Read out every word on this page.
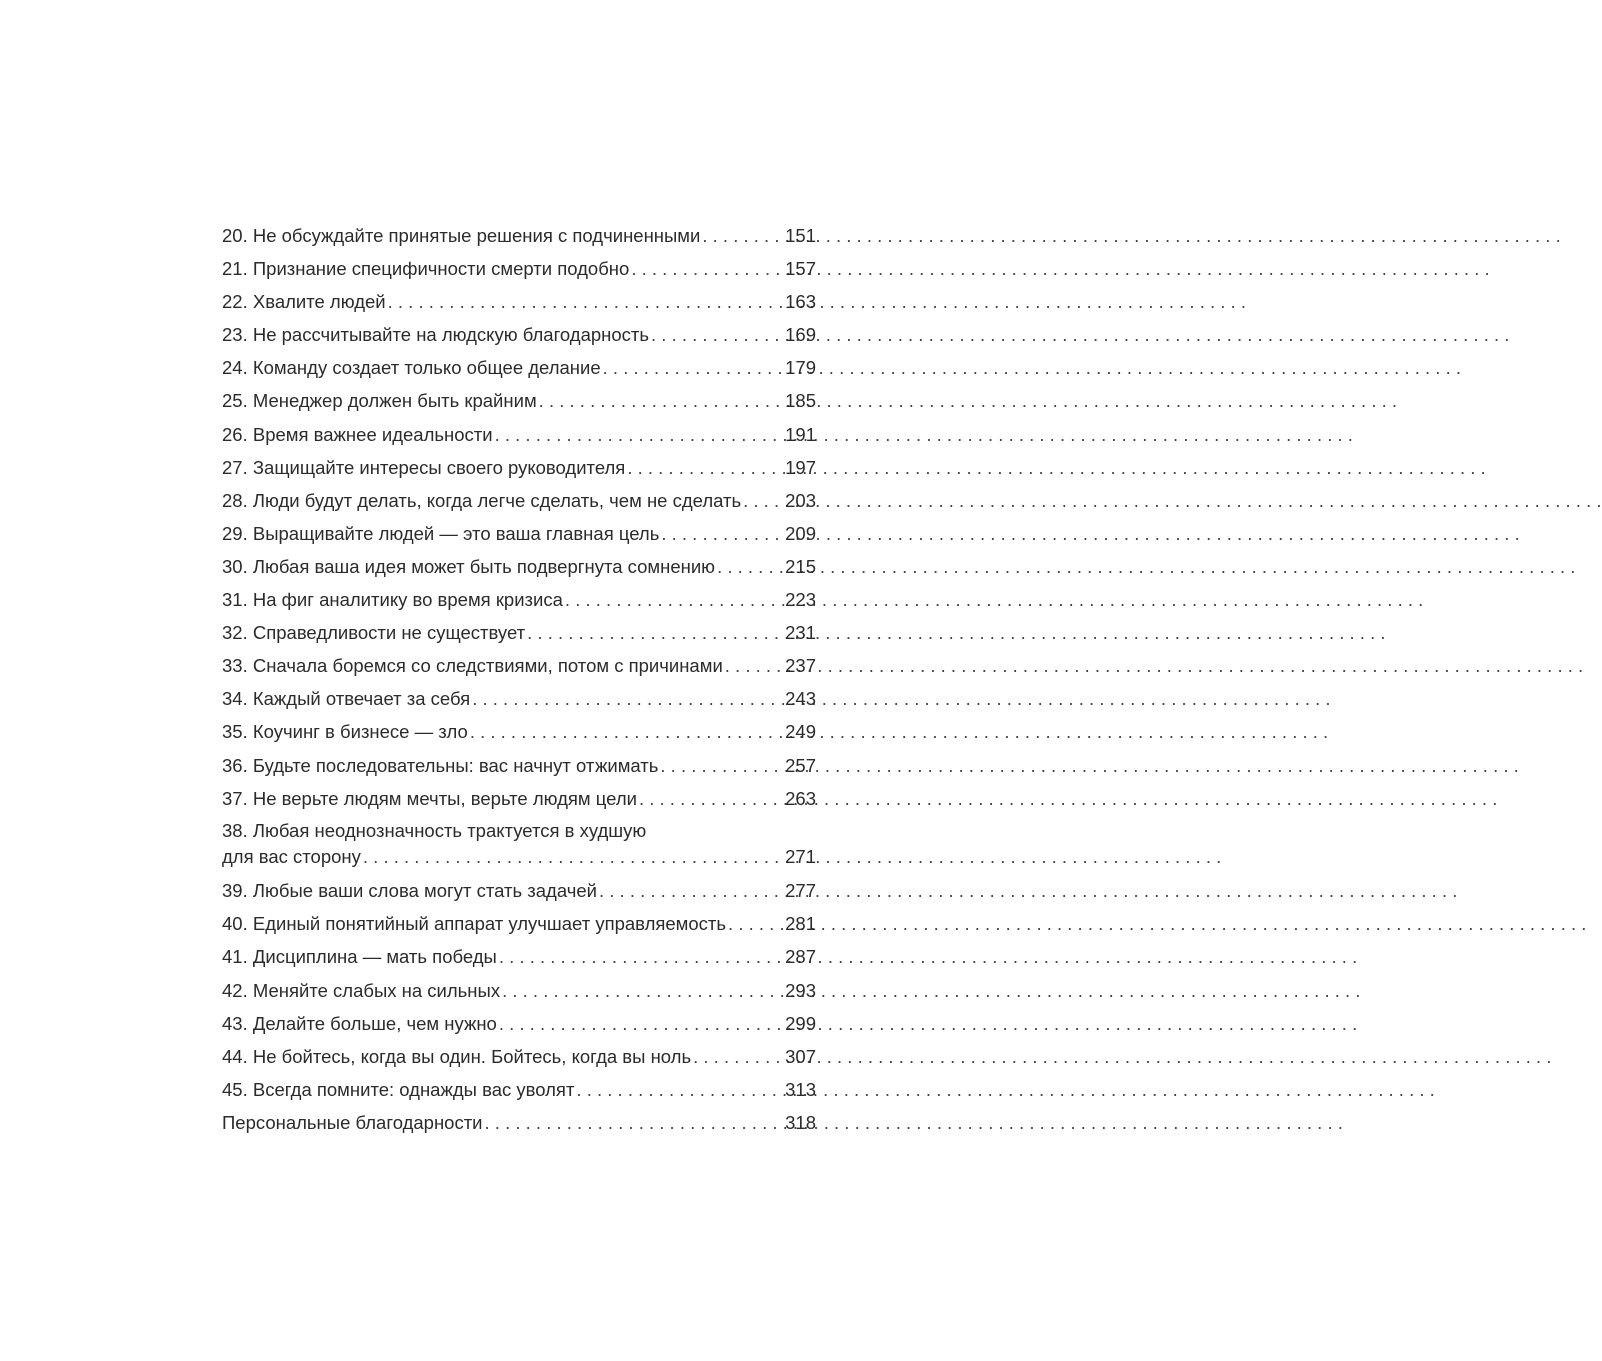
20. Не обсуждайте принятые решения с подчиненными . . .	151
21. Признание специфичности смерти подобно . . .	157
22. Хвалите людей . . .	163
23. Не рассчитывайте на людскую благодарность . . .	169
24. Команду создает только общее делание . . .	179
25. Менеджер должен быть крайним . . .	185
26. Время важнее идеальности . . .	191
27. Защищайте интересы своего руководителя . . .	197
28. Люди будут делать, когда легче сделать, чем не сделать . . . 203
29. Выращивайте людей — это ваша главная цель . . .	209
30. Любая ваша идея может быть подвергнута сомнению . . .	215
31. На фиг аналитику во время кризиса . . .	223
32. Справедливости не существует . . .	231
33. Сначала боремся со следствиями, потом с причинами . . .	237
34. Каждый отвечает за себя . . .	243
35. Коучинг в бизнесе — зло . . .	249
36. Будьте последовательны: вас начнут отжимать . . .	257
37. Не верьте людям мечты, верьте людям цели . . .	263
38. Любая неоднозначность трактуется в худшую
для вас сторону . . .	271
39. Любые ваши слова могут стать задачей . . .	277
40. Единый понятийный аппарат улучшает управляемость . . .	281
41. Дисциплина — мать победы . . .	287
42. Меняйте слабых на сильных . . .	293
43. Делайте больше, чем нужно . . .	299
44. Не бойтесь, когда вы один. Бойтесь, когда вы ноль . . .	307
45. Всегда помните: однажды вас уволят . . .	313
Персональные благодарности . . .	318
